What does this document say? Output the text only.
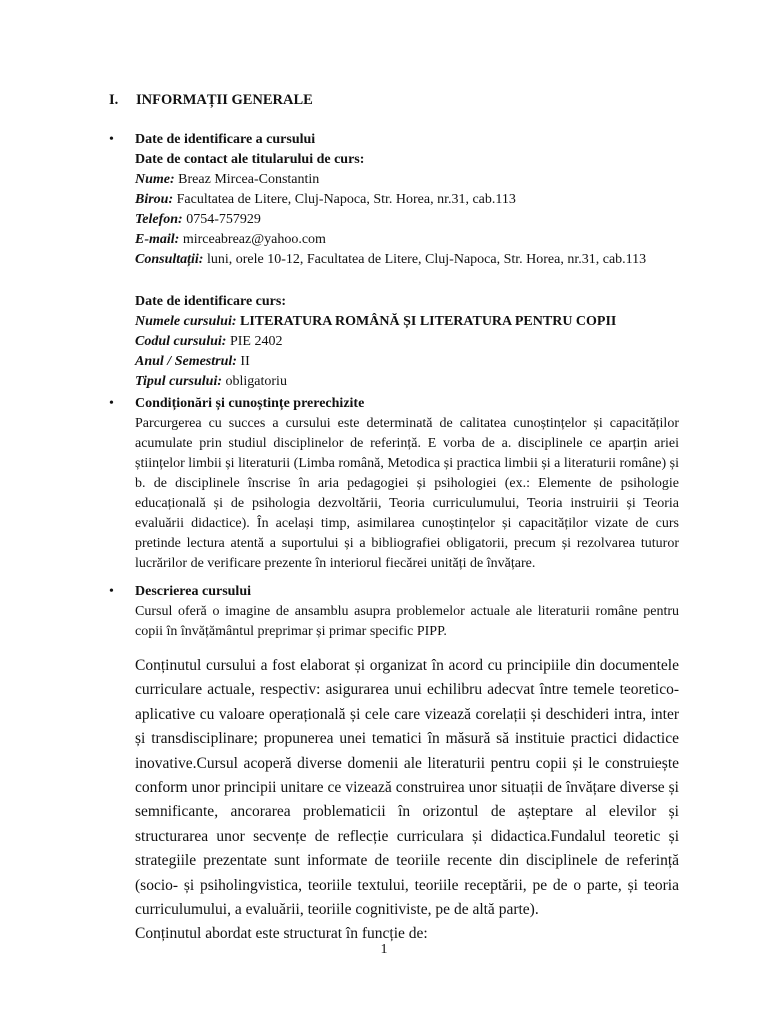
I. INFORMAȚII GENERALE
• Date de identificare a cursului
Date de contact ale titularului de curs:
Nume: Breaz Mircea-Constantin
Birou: Facultatea de Litere, Cluj-Napoca, Str. Horea, nr.31, cab.113
Telefon: 0754-757929
E-mail: mirceabreaz@yahoo.com
Consultații: luni, orele 10-12, Facultatea de Litere, Cluj-Napoca, Str. Horea, nr.31, cab.113
Date de identificare curs:
Numele cursului: LITERATURA ROMÂNĂ ȘI LITERATURA PENTRU COPII
Codul cursului: PIE 2402
Anul / Semestrul: II
Tipul cursului: obligatoriu
• Condiționări și cunoștințe prerechizite

Parcurgerea cu succes a cursului este determinată de calitatea cunoștințelor și capacităților acumulate prin studiul disciplinelor de referință. E vorba de a. disciplinele ce aparțin ariei științelor limbii și literaturii (Limba română, Metodica și practica limbii și a literaturii române) și b. de disciplinele înscrise în aria pedagogiei și psihologiei (ex.: Elemente de psihologie educațională și de psihologia dezvoltării, Teoria curriculumului, Teoria instruirii și Teoria evaluării didactice). În același timp, asimilarea cunoștințelor și capacităților vizate de curs pretinde lectura atentă a suportului și a bibliografiei obligatorii, precum și rezolvarea tuturor lucrărilor de verificare prezente în interiorul fiecărei unități de învățare.

• Descrierea cursului

Cursul oferă o imagine de ansamblu asupra problemelor actuale ale literaturii române pentru copii în învățământul preprimar și primar specific PIPP.

Conținutul cursului a fost elaborat și organizat în acord cu principiile din documentele curriculare actuale, respectiv: asigurarea unui echilibru adecvat între temele teoretico-aplicative cu valoare operațională și cele care vizează corelații și deschideri intra, inter și transdisciplinare; propunerea unei tematici în măsură să instituie practici didactice inovative.Cursul acoperă diverse domenii ale literaturii pentru copii și le construiește conform unor principii unitare ce vizează construirea unor situații de învățare diverse și semnificante, ancorarea problematicii în orizontul de așteptare al elevilor și structurarea unor secvențe de reflecție curriculara și didactica.Fundalul teoretic și strategiile prezentate sunt informate de teoriile recente din disciplinele de referință (socio- și psiholingvistica, teoriile textului, teoriile receptării, pe de o parte, și teoria curriculumului, a evaluării, teoriile cognitiviste, pe de altă parte).

Conținutul abordat este structurat în funcție de:

1
